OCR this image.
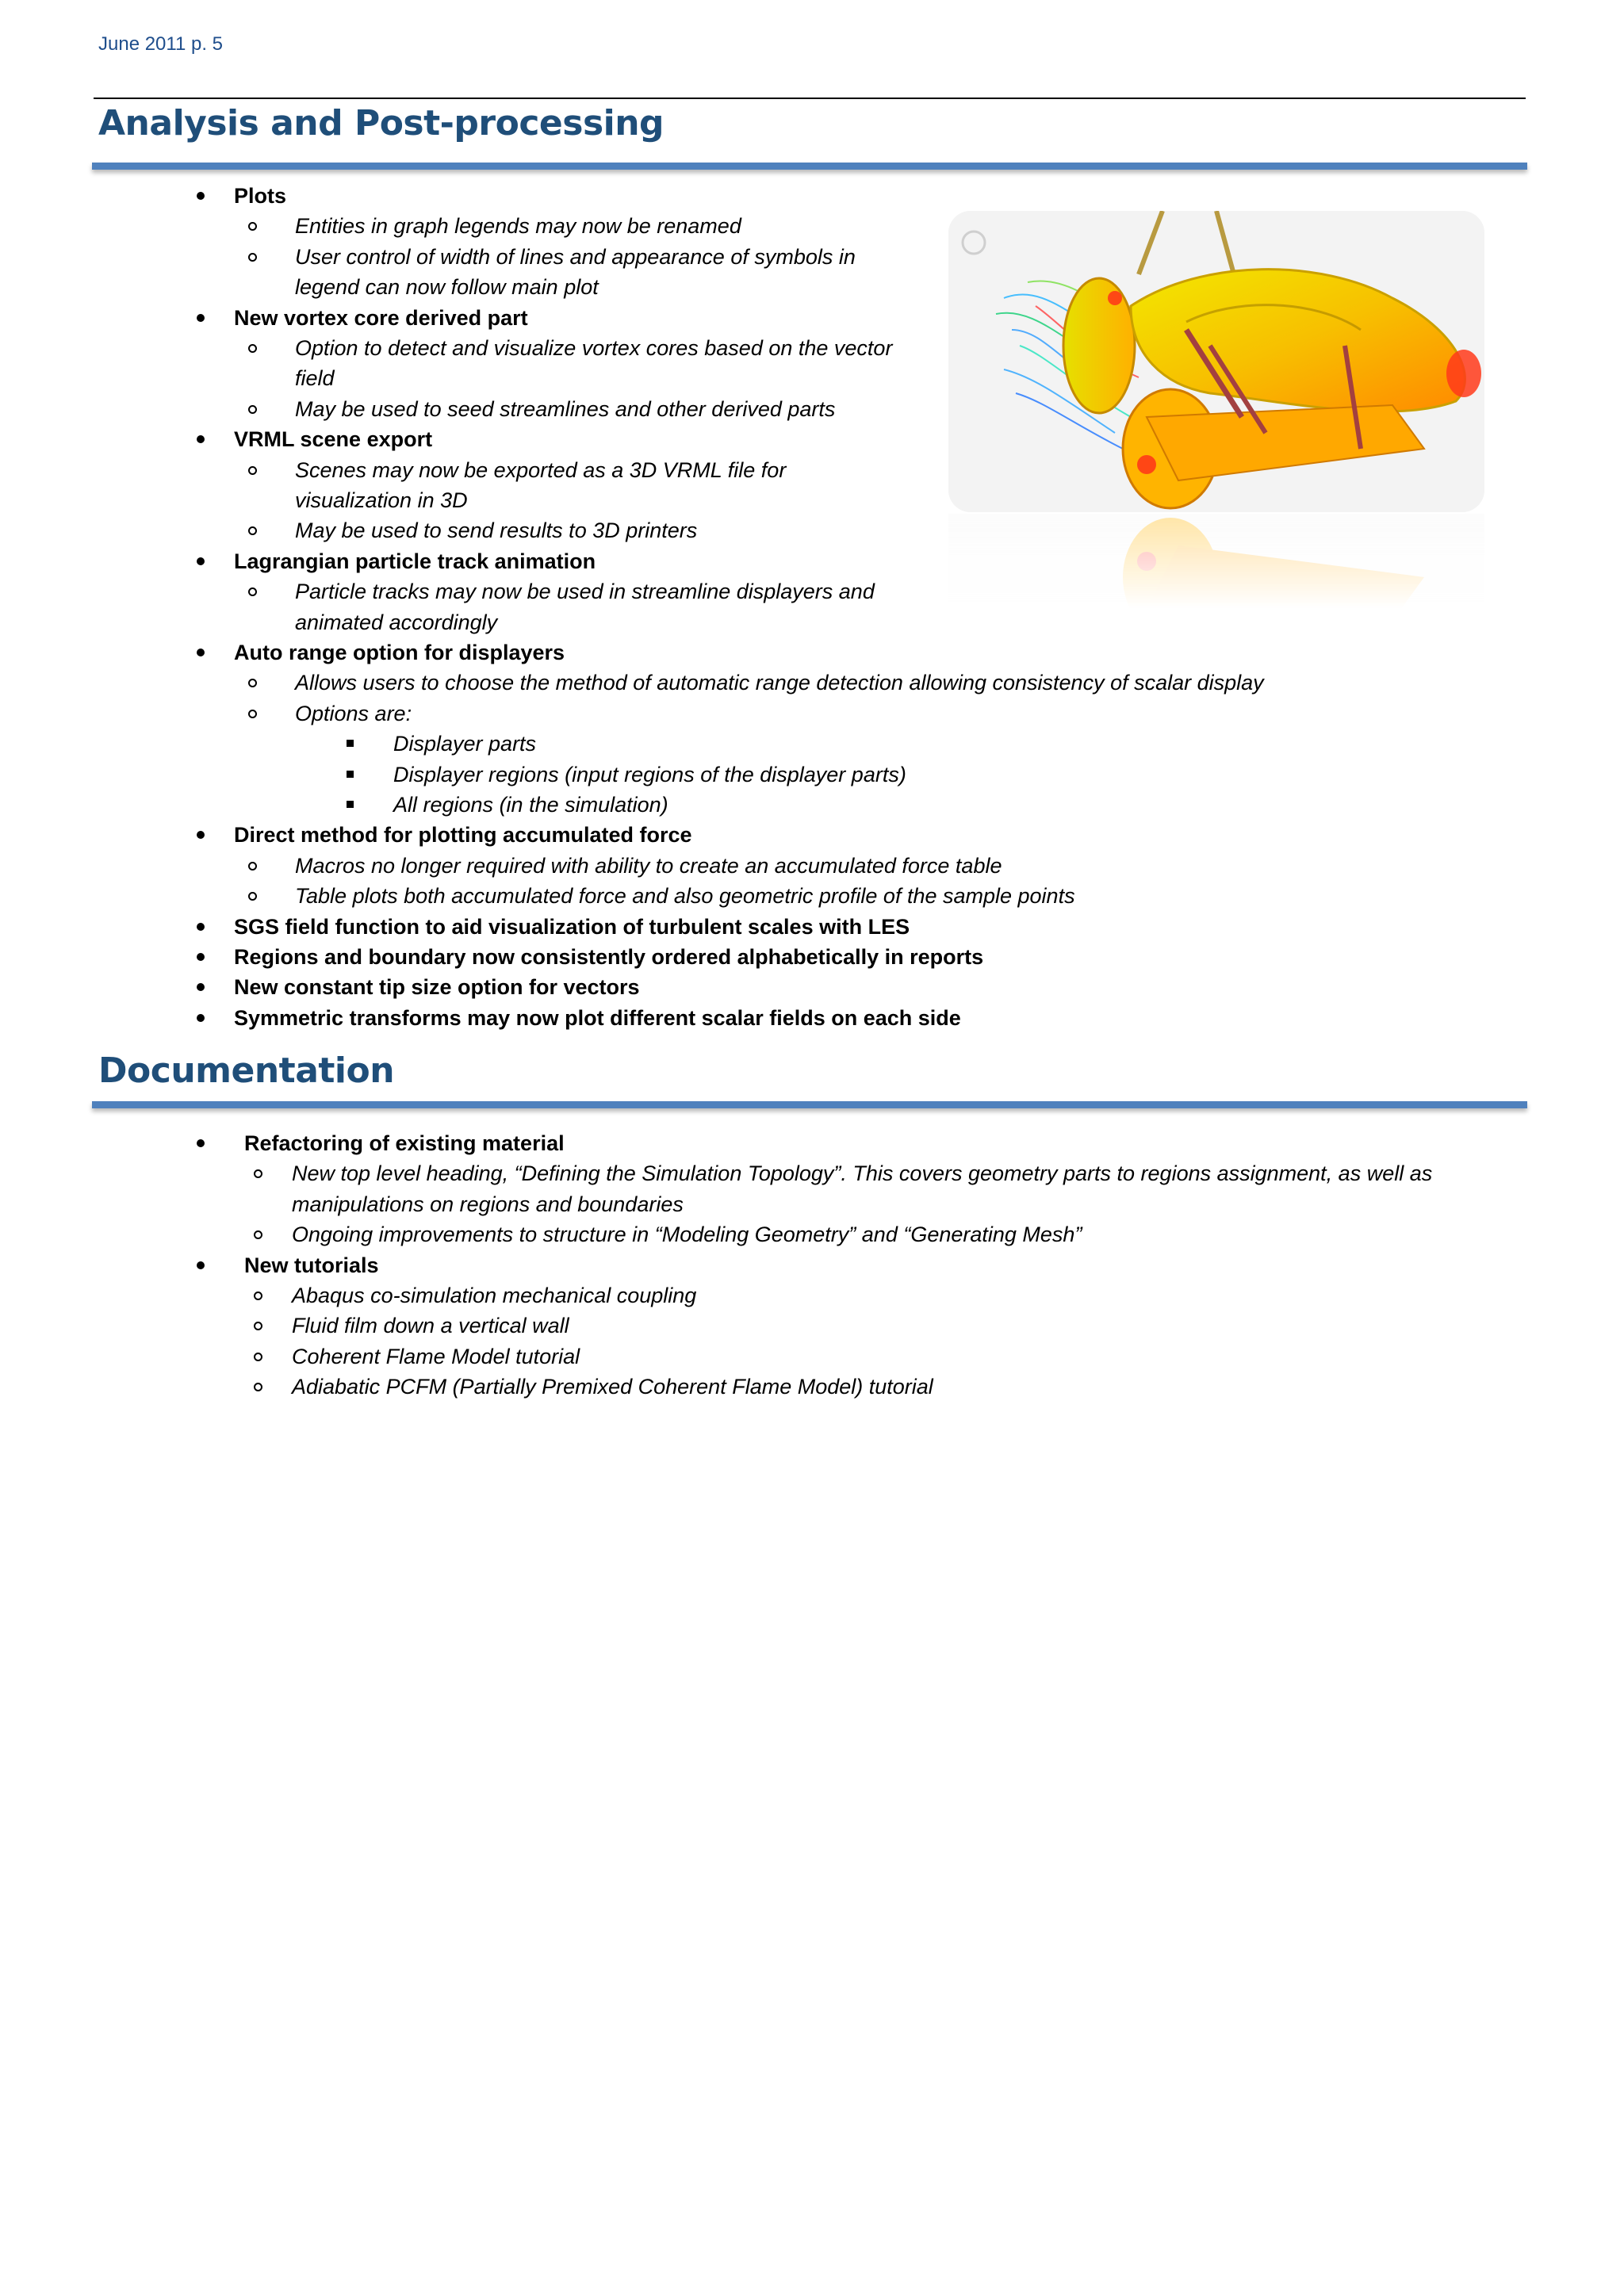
June 2011 p. 5
Analysis and Post-processing
Plots
Entities in graph legends may now be renamed
User control of width of lines and appearance of symbols in
legend can now follow main plot
New vortex core derived part
Option to detect and visualize vortex cores based on the vector
field
May be used to seed streamlines and other derived parts
VRML scene export
Scenes may now be exported as a 3D VRML file for
visualization in 3D
May be used to send results to 3D printers
Lagrangian particle track animation
Particle tracks may now be used in streamline displayers and
animated accordingly
Auto range option for displayers
Allows users to choose the method of automatic range detection allowing consistency of scalar display
Options are:
Displayer parts
Displayer regions (input regions of the displayer parts)
All regions (in the simulation)
Direct method for plotting accumulated force
Macros no longer required with ability to create an accumulated force table
Table plots both accumulated force and also geometric profile of the sample points
SGS field function to aid visualization of turbulent scales with LES
Regions and boundary now consistently ordered alphabetically in reports
New constant tip size option for vectors
Symmetric transforms may now plot different scalar fields on each side
Documentation
Refactoring of existing material
New top level heading, “Defining the Simulation Topology”. This covers geometry parts to regions assignment, as well as
manipulations on regions and boundaries
Ongoing improvements to structure in “Modeling Geometry” and “Generating Mesh”
New tutorials
Abaqus co-simulation mechanical coupling
Fluid film down a vertical wall
Coherent Flame Model tutorial
Adiabatic PCFM (Partially Premixed Coherent Flame Model) tutorial
